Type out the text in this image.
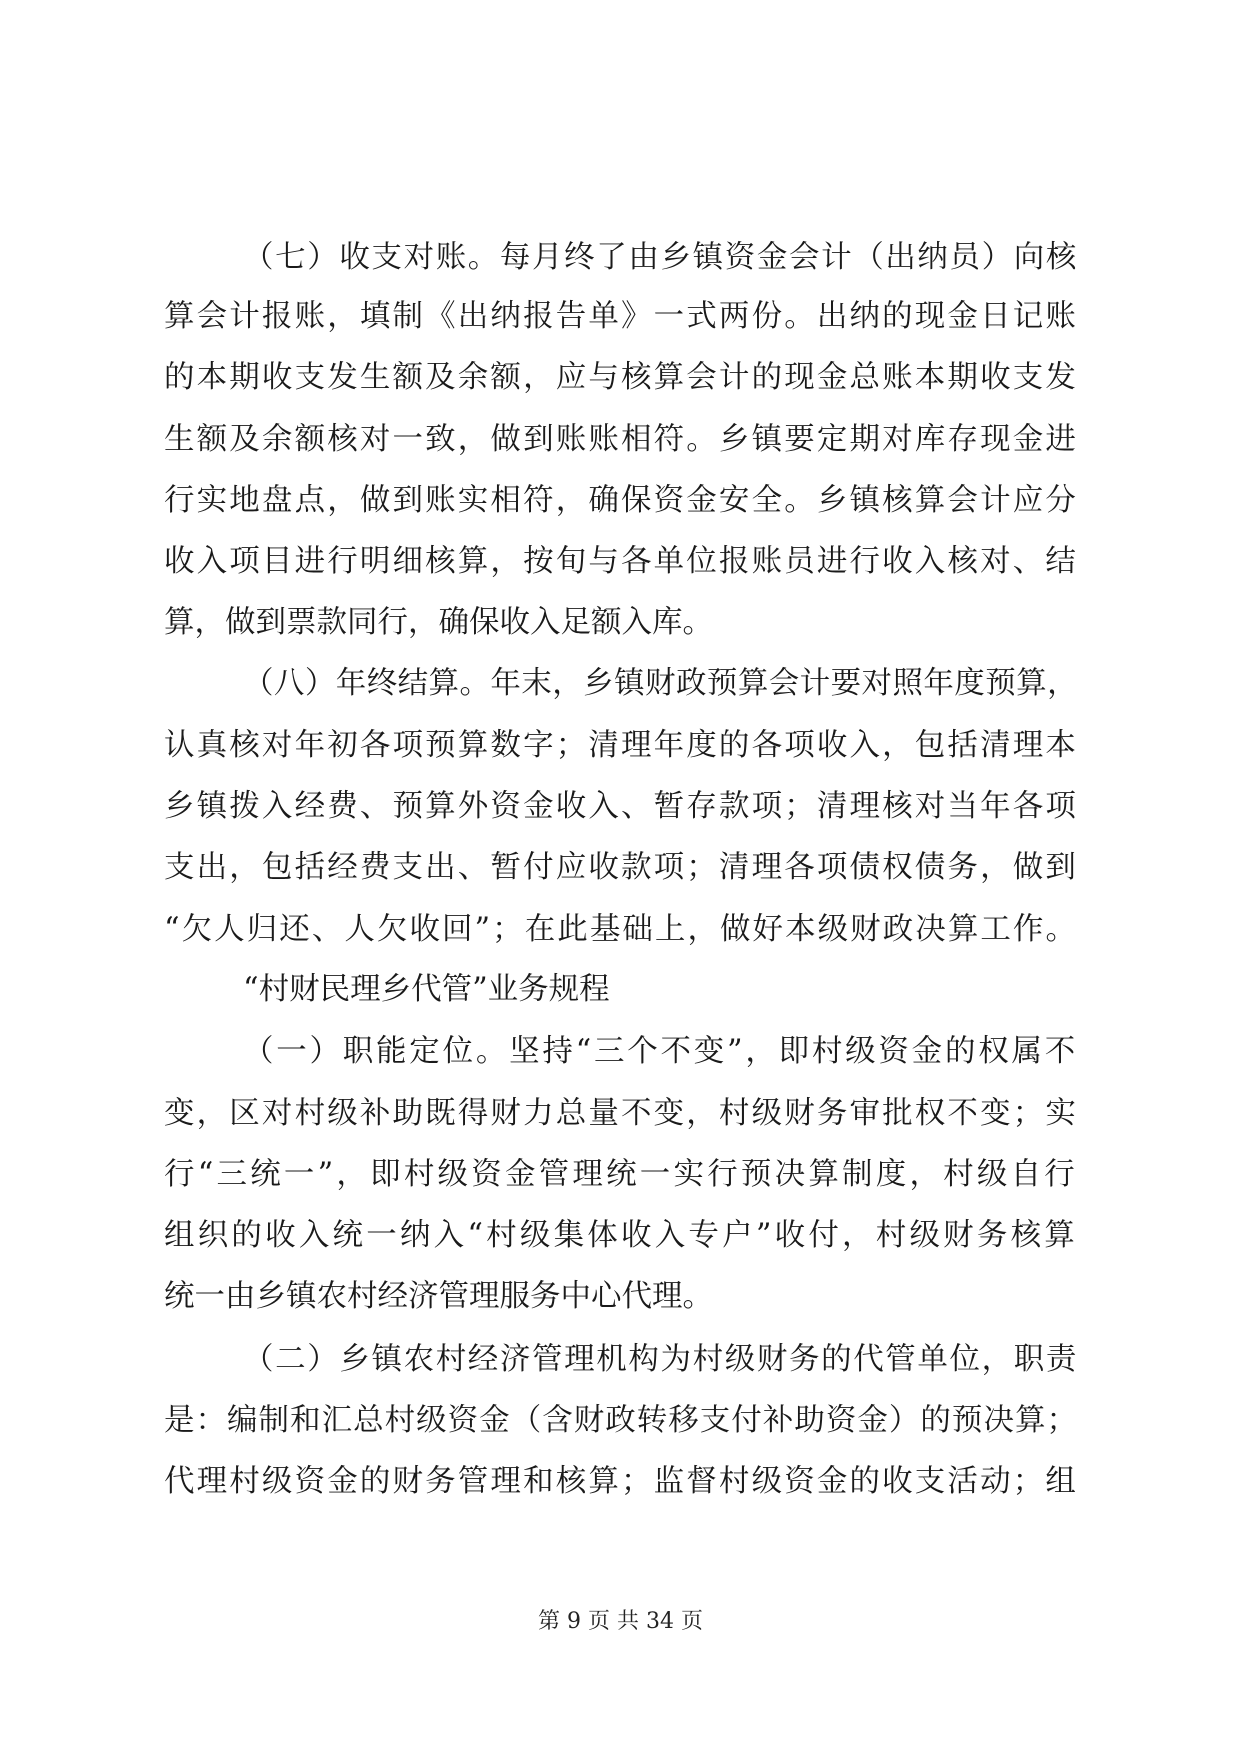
（七）收支对账。每月终了由乡镇资金会计（出纳员）向核
算会计报账，填制《出纳报告单》一式两份。出纳的现金日记账
的本期收支发生额及余额，应与核算会计的现金总账本期收支发
生额及余额核对一致，做到账账相符。乡镇要定期对库存现金进
行实地盘点，做到账实相符，确保资金安全。乡镇核算会计应分
收入项目进行明细核算，按旬与各单位报账员进行收入核对、结
算，做到票款同行，确保收入足额入库。
（八）年终结算。年末，乡镇财政预算会计要对照年度预算，
认真核对年初各项预算数字；清理年度的各项收入，包括清理本
乡镇拨入经费、预算外资金收入、暂存款项；清理核对当年各项
支出，包括经费支出、暂付应收款项；清理各项债权债务，做到
“欠人归还、人欠收回”；在此基础上，做好本级财政决算工作。
“村财民理乡代管”业务规程
（一）职能定位。坚持“三个不变”，即村级资金的权属不
变，区对村级补助既得财力总量不变，村级财务审批权不变；实
行“三统一”，即村级资金管理统一实行预决算制度，村级自行
组织的收入统一纳入“村级集体收入专户”收付，村级财务核算
统一由乡镇农村经济管理服务中心代理。
（二）乡镇农村经济管理机构为村级财务的代管单位，职责
是：编制和汇总村级资金（含财政转移支付补助资金）的预决算；
代理村级资金的财务管理和核算；监督村级资金的收支活动；组
第 9 页 共 34 页
